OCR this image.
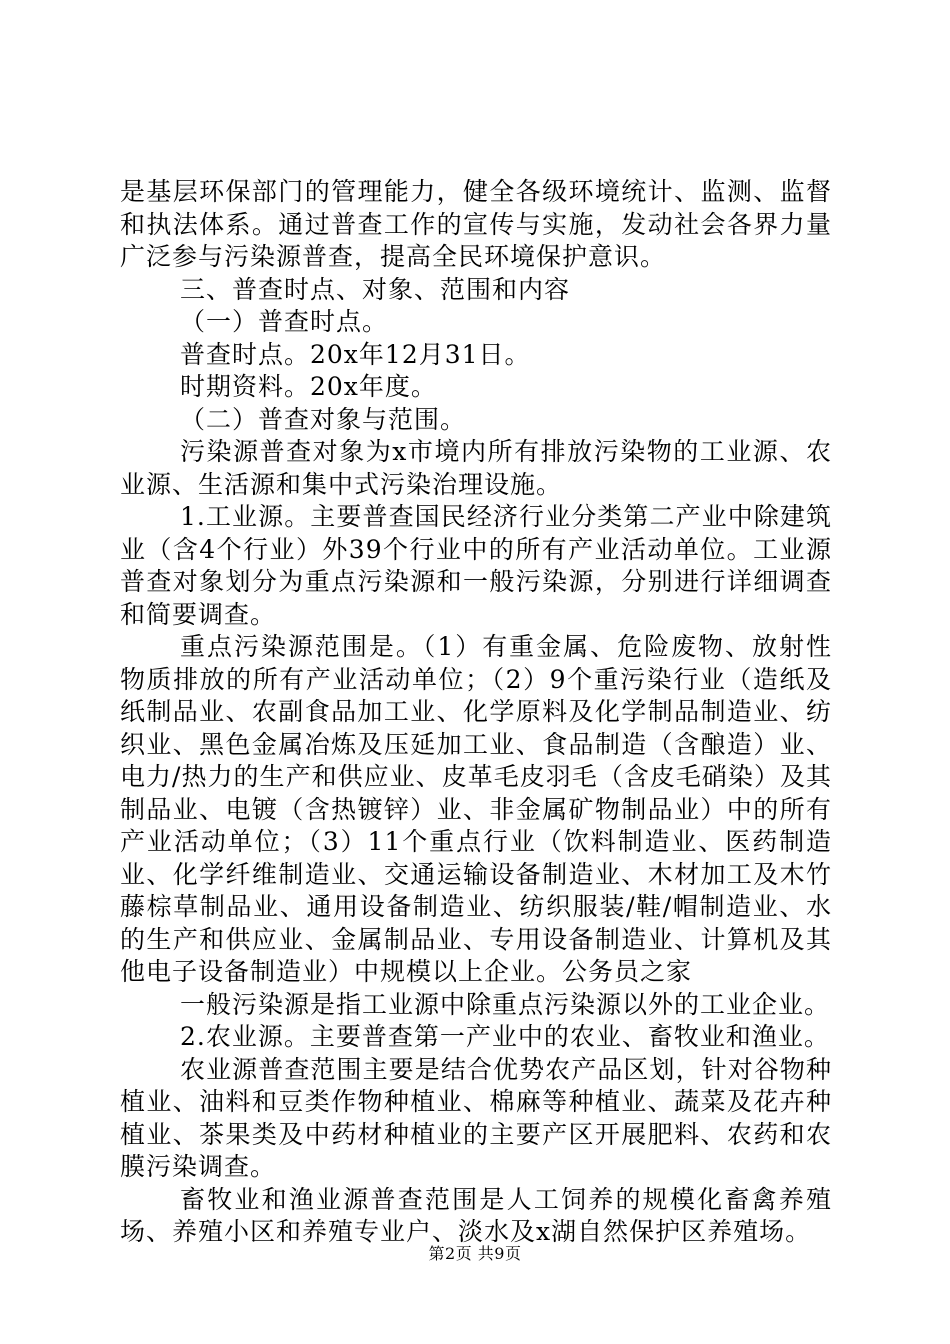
是基层环保部门的管理能力，健全各级环境统计、监测、监督和执法体系。通过普查工作的宣传与实施，发动社会各界力量广泛参与污染源普查，提高全民环境保护意识。

三、普查时点、对象、范围和内容

（一）普查时点。

普查时点。20x年12月31日。

时期资料。20x年度。

（二）普查对象与范围。

污染源普查对象为x市境内所有排放污染物的工业源、农业源、生活源和集中式污染治理设施。

1.工业源。主要普查国民经济行业分类第二产业中除建筑业（含4个行业）外39个行业中的所有产业活动单位。工业源普查对象划分为重点污染源和一般污染源，分别进行详细调查和简要调查。

重点污染源范围是。（1）有重金属、危险废物、放射性物质排放的所有产业活动单位；（2）9个重污染行业（造纸及纸制品业、农副食品加工业、化学原料及化学制品制造业、纺织业、黑色金属冶炼及压延加工业、食品制造（含酿造）业、电力/热力的生产和供应业、皮革毛皮羽毛（含皮毛硝染）及其制品业、电镀（含热镀锌）业、非金属矿物制品业）中的所有产业活动单位；（3）11个重点行业（饮料制造业、医药制造业、化学纤维制造业、交通运输设备制造业、木材加工及木竹藤棕草制品业、通用设备制造业、纺织服装/鞋/帽制造业、水的生产和供应业、金属制品业、专用设备制造业、计算机及其他电子设备制造业）中规模以上企业。公务员之家

一般污染源是指工业源中除重点污染源以外的工业企业。

2.农业源。主要普查第一产业中的农业、畜牧业和渔业。

农业源普查范围主要是结合优势农产品区划，针对谷物种植业、油料和豆类作物种植业、棉麻等种植业、蔬菜及花卉种植业、茶果类及中药材种植业的主要产区开展肥料、农药和农膜污染调查。

畜牧业和渔业源普查范围是人工饲养的规模化畜禽养殖场、养殖小区和养殖专业户、淡水及x湖自然保护区养殖场。

第2页 共9页
